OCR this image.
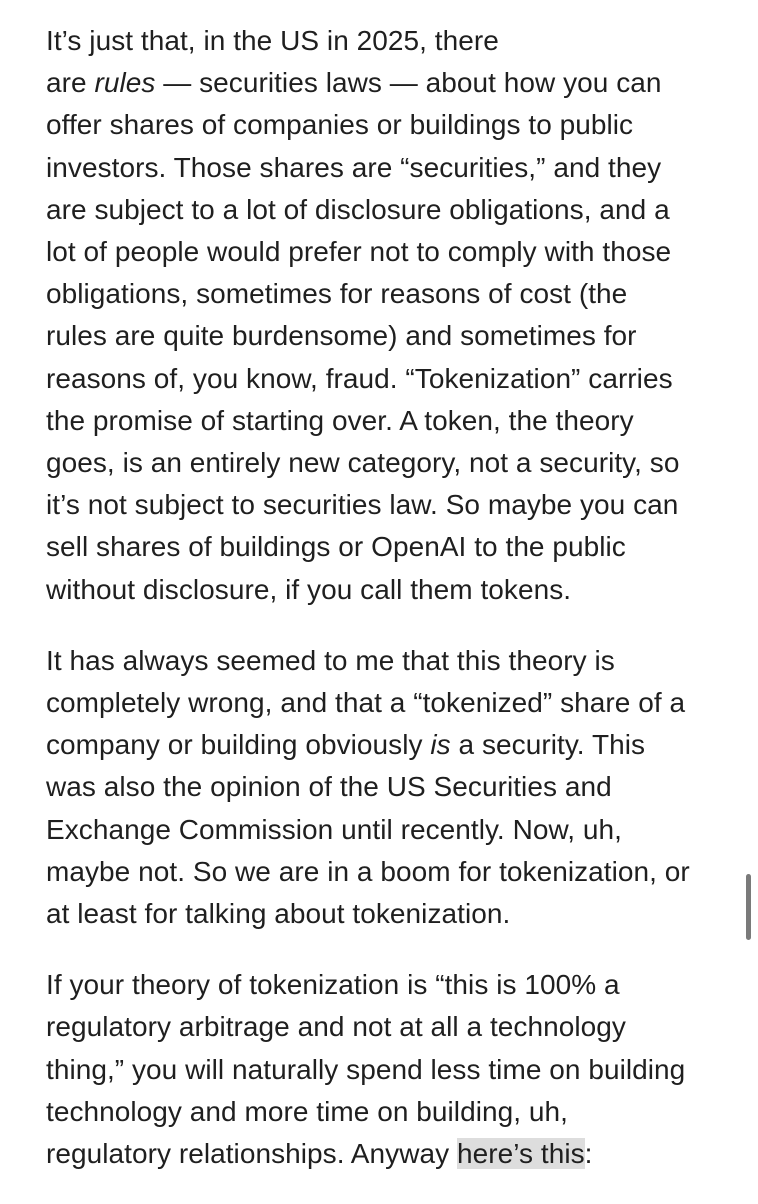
It’s just that, in the US in 2025, there
are rules — securities laws — about how you can
offer shares of companies or buildings to public
investors. Those shares are “securities,” and they
are subject to a lot of disclosure obligations, and a
lot of people would prefer not to comply with those
obligations, sometimes for reasons of cost (the
rules are quite burdensome) and sometimes for
reasons of, you know, fraud. “Tokenization” carries
the promise of starting over. A token, the theory
goes, is an entirely new category, not a security, so
it’s not subject to securities law. So maybe you can
sell shares of buildings or OpenAI to the public
without disclosure, if you call them tokens.

It has always seemed to me that this theory is
completely wrong, and that a “tokenized” share of a
company or building obviously is a security. This
was also the opinion of the US Securities and
Exchange Commission until recently. Now, uh,
maybe not. So we are in a boom for tokenization, or
at least for talking about tokenization.

If your theory of tokenization is “this is 100% a
regulatory arbitrage and not at all a technology
thing,” you will naturally spend less time on building
technology and more time on building, uh,
regulatory relationships. Anyway here’s this:
